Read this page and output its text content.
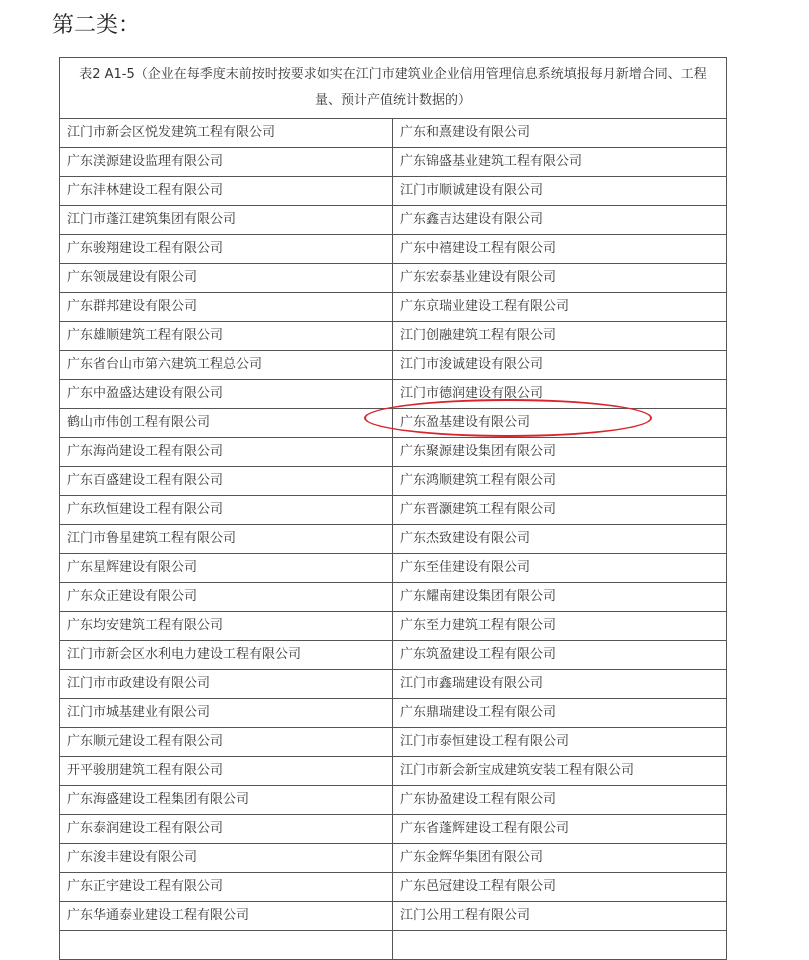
第二类：
表2 A1-5（企业在每季度末前按时按要求如实在江门市建筑业企业信用管理信息系统填报每月新增合同、工程量、预计产值统计数据的）	
江门市新会区悦发建筑工程有限公司	广东和熹建设有限公司
广东渼源建设监理有限公司	广东锦盛基业建筑工程有限公司
广东沣林建设工程有限公司	江门市顺诚建设有限公司
江门市蓬江建筑集团有限公司	广东鑫吉达建设有限公司
广东骏翔建设工程有限公司	广东中禧建设工程有限公司
广东领晟建设有限公司	广东宏泰基业建设有限公司
广东群邦建设有限公司	广东京瑞业建设工程有限公司
广东雄顺建筑工程有限公司	江门创融建筑工程有限公司
广东省台山市第六建筑工程总公司	江门市浚诚建设有限公司
广东中盈盛达建设有限公司	江门市德润建设有限公司
鹤山市伟创工程有限公司	广东盈基建设有限公司
广东海尚建设工程有限公司	广东聚源建设集团有限公司
广东百盛建设工程有限公司	广东鸿顺建筑工程有限公司
广东玖恒建设工程有限公司	广东晋灏建筑工程有限公司
江门市鲁星建筑工程有限公司	广东杰致建设有限公司
广东星辉建设有限公司	广东至佳建设有限公司
广东众正建设有限公司	广东耀南建设集团有限公司
广东均安建筑工程有限公司	广东至力建筑工程有限公司
江门市新会区水利电力建设工程有限公司	广东筑盈建设工程有限公司
江门市市政建设有限公司	江门市鑫瑞建设有限公司
江门市城基建业有限公司	广东鼎瑞建设工程有限公司
广东顺元建设工程有限公司	江门市泰恒建设工程有限公司
开平骏朋建筑工程有限公司	江门市新会新宝成建筑安装工程有限公司
广东海盛建设工程集团有限公司	广东协盈建设工程有限公司
广东泰润建设工程有限公司	广东省蓬辉建设工程有限公司
广东浚丰建设有限公司	广东金辉华集团有限公司
广东正宇建设工程有限公司	广东邑冠建设工程有限公司
广东华通泰业建设工程有限公司	江门公用工程有限公司
